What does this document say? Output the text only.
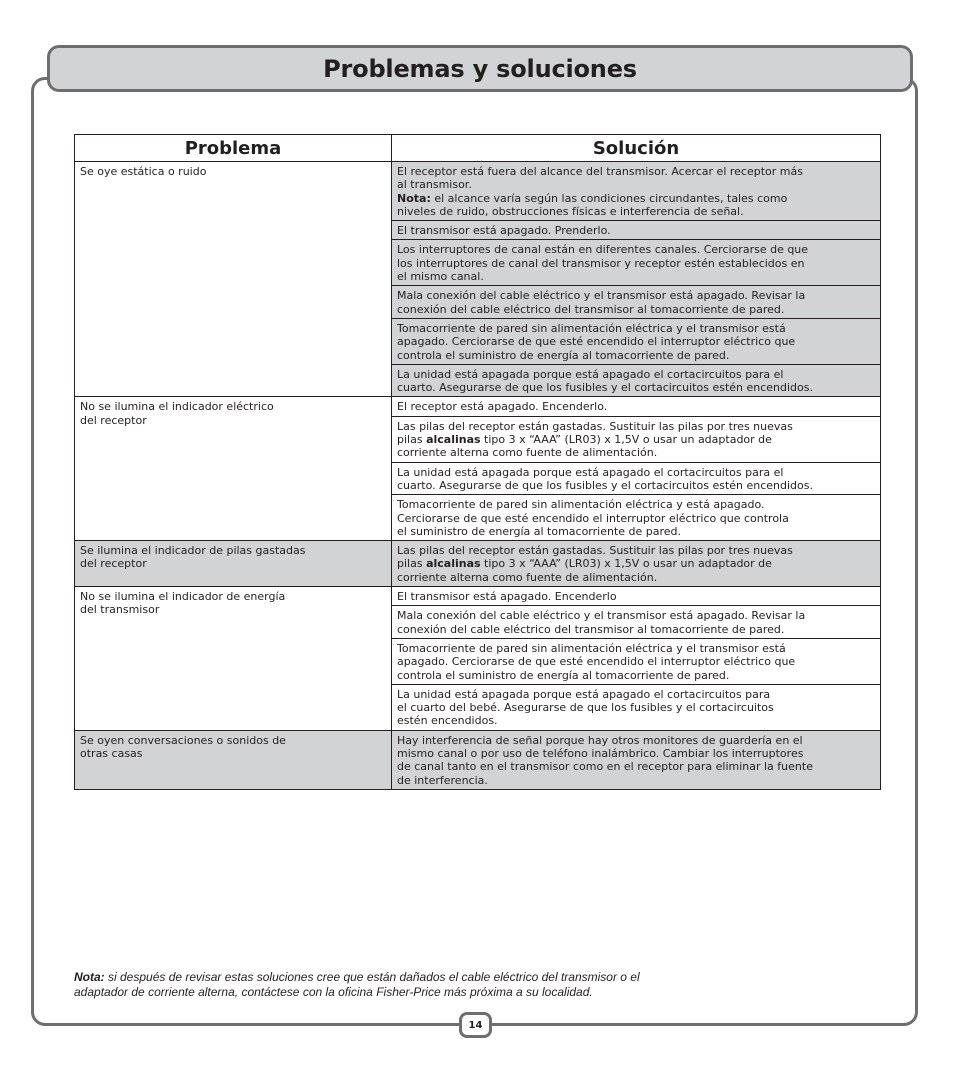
Problemas y soluciones
Problema	Solución

Se oye estática o ruido	El receptor está fuera del alcance del transmisor. Acercar el receptor más
al transmisor.
Nota: el alcance varía según las condiciones circundantes, tales como
niveles de ruido, obstrucciones físicas e interferencia de señal.

	El transmisor está apagado. Prenderlo.

	Los interruptores de canal están en diferentes canales. Cerciorarse de que
los interruptores de canal del transmisor y receptor estén establecidos en
el mismo canal.

	Mala conexión del cable eléctrico y el transmisor está apagado. Revisar la
conexión del cable eléctrico del transmisor al tomacorriente de pared.

	Tomacorriente de pared sin alimentación eléctrica y el transmisor está
apagado. Cerciorarse de que esté encendido el interruptor eléctrico que
controla el suministro de energía al tomacorriente de pared.

	La unidad está apagada porque está apagado el cortacircuitos para el
cuarto. Asegurarse de que los fusibles y el cortacircuitos estén encendidos.

No se ilumina el indicador eléctrico
del receptor	El receptor está apagado. Encenderlo.

	Las pilas del receptor están gastadas. Sustituir las pilas por tres nuevas
pilas alcalinas tipo 3 x “AAA” (LR03) x 1,5V o usar un adaptador de
corriente alterna como fuente de alimentación.

	La unidad está apagada porque está apagado el cortacircuitos para el
cuarto. Asegurarse de que los fusibles y el cortacircuitos estén encendidos.

	Tomacorriente de pared sin alimentación eléctrica y está apagado.
Cerciorarse de que esté encendido el interruptor eléctrico que controla
el suministro de energía al tomacorriente de pared.

Se ilumina el indicador de pilas gastadas
del receptor	Las pilas del receptor están gastadas. Sustituir las pilas por tres nuevas
pilas alcalinas tipo 3 x “AAA” (LR03) x 1,5V o usar un adaptador de
corriente alterna como fuente de alimentación.

No se ilumina el indicador de energía
del transmisor	El transmisor está apagado. Encenderlo

	Mala conexión del cable eléctrico y el transmisor está apagado. Revisar la
conexión del cable eléctrico del transmisor al tomacorriente de pared.

	Tomacorriente de pared sin alimentación eléctrica y el transmisor está
apagado. Cerciorarse de que esté encendido el interruptor eléctrico que
controla el suministro de energía al tomacorriente de pared.

	La unidad está apagada porque está apagado el cortacircuitos para
el cuarto del bebé. Asegurarse de que los fusibles y el cortacircuitos
estén encendidos.

Se oyen conversaciones o sonidos de
otras casas	Hay interferencia de señal porque hay otros monitores de guardería en el
mismo canal o por uso de teléfono inalámbrico. Cambiar los interruptores
de canal tanto en el transmisor como en el receptor para eliminar la fuente
de interferencia.
Nota: si después de revisar estas soluciones cree que están dañados el cable eléctrico del transmisor o el
adaptador de corriente alterna, contáctese con la oficina Fisher-Price más próxima a su localidad.
14
